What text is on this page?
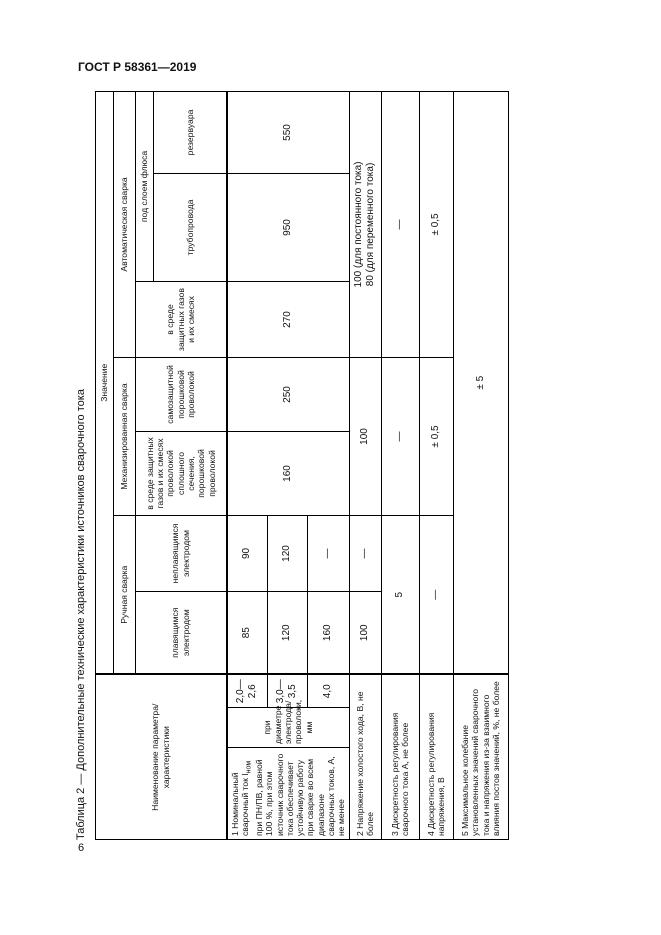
ГОСТ Р 58361—2019
6
Таблица 2 — Дополнительные технические характеристики источников сварочного тока	Наименование параметра/характеристики			Значение						
			Ручная сварка		Механизированная сварка		Автоматическая сварка		
			плавящимся электродом	неплавящимся электродом	в среде защитных газов и их смесях проволокой сплошного сечения, порошковой проволокой	самозащитной порошковой проволокой	в среде защитных газов и их смесях	под слоем флюса	
								трубопровода	резервуара
1 Номинальный сварочный ток $I_{ном}$ при ПН/ПВ, равной 100 %, при этом источник сварочного тока обеспечивает устойчивую работу при сварке во всем диапазоне сварочных токов, А, не менее	при диаметре электрода/ проволоки, мм	2,0—2,6	85	90	160	250	270	950	550
		3,0—3,5	120	120					
		4,0	160	—					
2 Напряжение холостого хода, В, не более			100	—	100		100 (для постоянного тока) 80 (для переменного тока)		

3 Дискретность регулирования сварочного тока А, не более			5		—		—		
4 Дискретность регулирования напряжения, В			—		± 0,5		± 0,5		
5 Максимальное колебание установленных значений сварочного тока и напряжения из-за взаимного влияния постов значений, %, не более			± 5						
